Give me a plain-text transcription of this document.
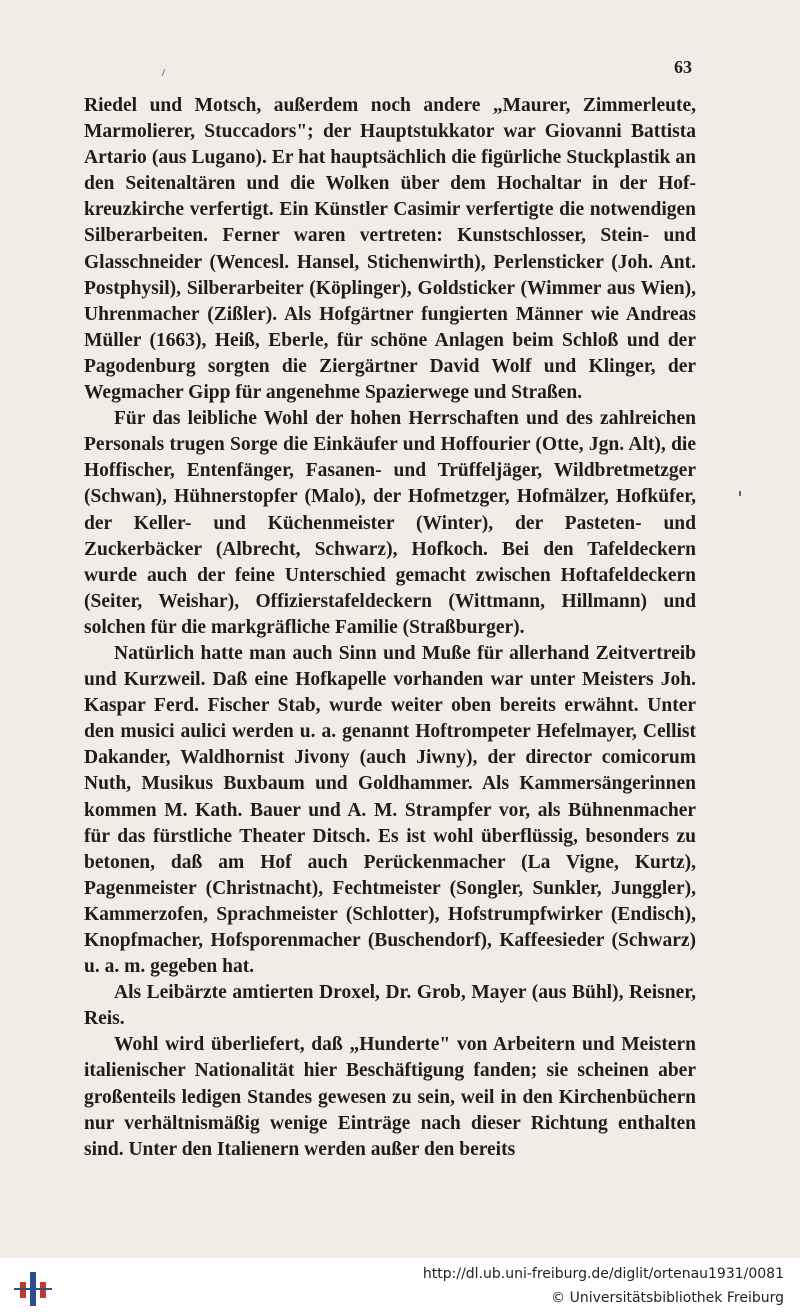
63

Riedel und Motsch, außerdem noch andere „Maurer, Zimmerleute, Marmolierer, Stuccadors"; der Hauptstukkator war Giovanni Battista Artario (aus Lugano). Er hat hauptsächlich die figürliche Stuckplastik an den Seitenaltären und die Wolken über dem Hochaltar in der Hofkreuzkirche verfertigt. Ein Künstler Casimir verfertigte die notwendigen Silberarbeiten. Ferner waren vertreten: Kunstschlosser, Stein- und Glasschneider (Wencesl. Hansel, Stichenwirth), Perlensticker (Joh. Ant. Postphysil), Silberarbeiter (Köplinger), Goldsticker (Wimmer aus Wien), Uhrenmacher (Zißler). Als Hofgärtner fungierten Männer wie Andreas Müller (1663), Heiß, Eberle, für schöne Anlagen beim Schloß und der Pagodenburg sorgten die Ziergärtner David Wolf und Klinger, der Wegmacher Gipp für angenehme Spazierwege und Straßen.

Für das leibliche Wohl der hohen Herrschaften und des zahlreichen Personals trugen Sorge die Einkäufer und Hoffourier (Otte, Jgn. Alt), die Hoffischer, Entenfänger, Fasanen- und Trüffeljäger, Wildbretmetzger (Schwan), Hühnerstopfer (Malo), der Hofmetzger, Hofmälzer, Hofküfer, der Keller- und Küchenmeister (Winter), der Pasteten- und Zuckerbäcker (Albrecht, Schwarz), Hofkoch. Bei den Tafeldeckern wurde auch der feine Unterschied gemacht zwischen Hoftafeldeckern (Seiter, Weishar), Offizierstafeldeckern (Wittmann, Hillmann) und solchen für die markgräfliche Familie (Straßburger).

Natürlich hatte man auch Sinn und Muße für allerhand Zeitvertreib und Kurzweil. Daß eine Hofkapelle vorhanden war unter Meisters Joh. Kaspar Ferd. Fischer Stab, wurde weiter oben bereits erwähnt. Unter den musici aulici werden u. a. genannt Hoftrompeter Hefelmayer, Cellist Dakander, Waldhornist Jivony (auch Jiwny), der director comicorum Nuth, Musikus Buxbaum und Goldhammer. Als Kammersängerinnen kommen M. Kath. Bauer und A. M. Strampfer vor, als Bühnenmacher für das fürstliche Theater Ditsch. Es ist wohl überflüssig, besonders zu betonen, daß am Hof auch Perückenmacher (La Vigne, Kurtz), Pagenmeister (Christnacht), Fechtmeister (Songler, Sunkler, Junggler), Kammerzofen, Sprachmeister (Schlotter), Hofstrumpfwirker (Endisch), Knopfmacher, Hofsporenmacher (Buschendorf), Kaffeesieder (Schwarz) u. a. m. gegeben hat.

Als Leibärzte amtierten Droxel, Dr. Grob, Mayer (aus Bühl), Reisner, Reis.

Wohl wird überliefert, daß „Hunderte" von Arbeitern und Meistern italienischer Nationalität hier Beschäftigung fanden; sie scheinen aber großenteils ledigen Standes gewesen zu sein, weil in den Kirchenbüchern nur verhältnismäßig wenige Einträge nach dieser Richtung enthalten sind. Unter den Italienern werden außer den bereits

http://dl.ub.uni-freiburg.de/diglit/ortenau1931/0081
© Universitätsbibliothek Freiburg
